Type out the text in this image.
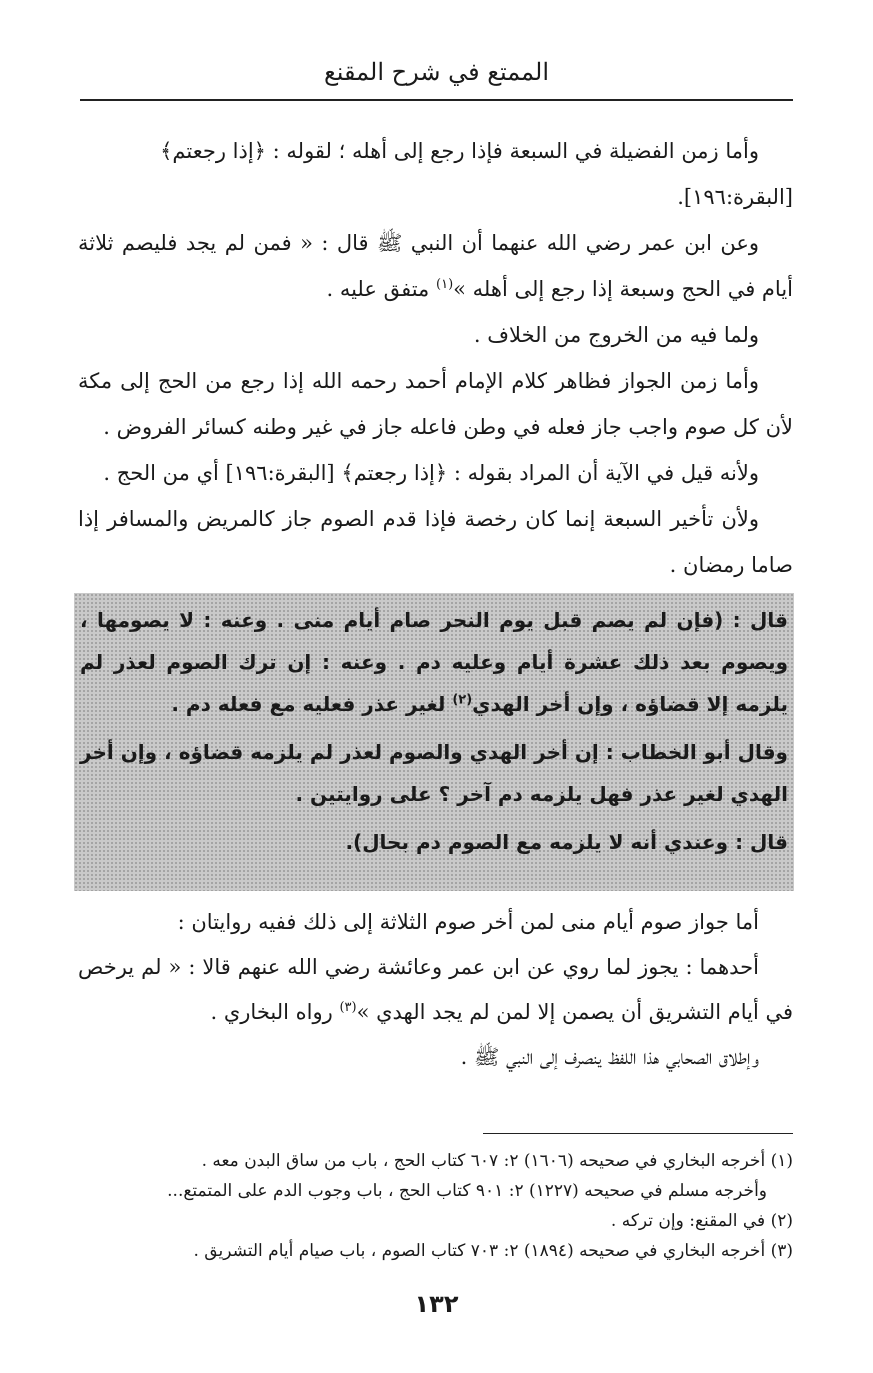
الممتع في شرح المقنع

وأما زمن الفضيلة في السبعة فإذا رجع إلى أهله ؛ لقوله : ﴿إذا رجعتم﴾
[البقرة:١٩٦].

وعن ابن عمر رضي الله عنهما أن النبي ﷺ قال : « فمن لم يجد فليصم ثلاثة أيام في الحج وسبعة إذا رجع إلى أهله »$^{(١)}$ متفق عليه .

ولما فيه من الخروج من الخلاف .

وأما زمن الجواز فظاهر كلام الإمام أحمد رحمه الله إذا رجع من الحج إلى مكة لأن كل صوم واجب جاز فعله في وطن فاعله جاز في غير وطنه كسائر الفروض .

ولأنه قيل في الآية أن المراد بقوله : ﴿إذا رجعتم﴾ [البقرة:١٩٦] أي من الحج .

ولأن تأخير السبعة إنما كان رخصة فإذا قدم الصوم جاز كالمريض والمسافر إذا صاما رمضان .

قال : (فإن لم يصم قبل يوم النحر صام أيام منى . وعنه : لا يصومها ، ويصوم بعد ذلك عشرة أيام وعليه دم . وعنه : إن ترك الصوم لعذر لم يلزمه إلا قضاؤه ، وإن أخر الهدي$^{(٢)}$ لغير عذر فعليه مع فعله دم .

وقال أبو الخطاب : إن أخر الهدي والصوم لعذر لم يلزمه قضاؤه ، وإن أخر الهدي لغير عذر فهل يلزمه دم آخر ؟ على روايتين .

قال : وعندي أنه لا يلزمه مع الصوم دم بحال).

أما جواز صوم أيام منى لمن أخر صوم الثلاثة إلى ذلك ففيه روايتان :

أحدهما : يجوز لما روي عن ابن عمر وعائشة رضي الله عنهم قالا : « لم يرخص في أيام التشريق أن يصمن إلا لمن لم يجد الهدي »$^{(٣)}$ رواه البخاري .

وإطلاق الصحابي هذا اللفظ ينصرف إلى النبي ﷺ .

(١) أخرجه البخاري في صحيحه (١٦٠٦) ٢: ٦٠٧ كتاب الحج ، باب من ساق البدن معه .

وأخرجه مسلم في صحيحه (١٢٢٧) ٢: ٩٠١ كتاب الحج ، باب وجوب الدم على المتمتع...

(٢) في المقنع: وإن تركه .

(٣) أخرجه البخاري في صحيحه (١٨٩٤) ٢: ٧٠٣ كتاب الصوم ، باب صيام أيام التشريق .

١٣٢
